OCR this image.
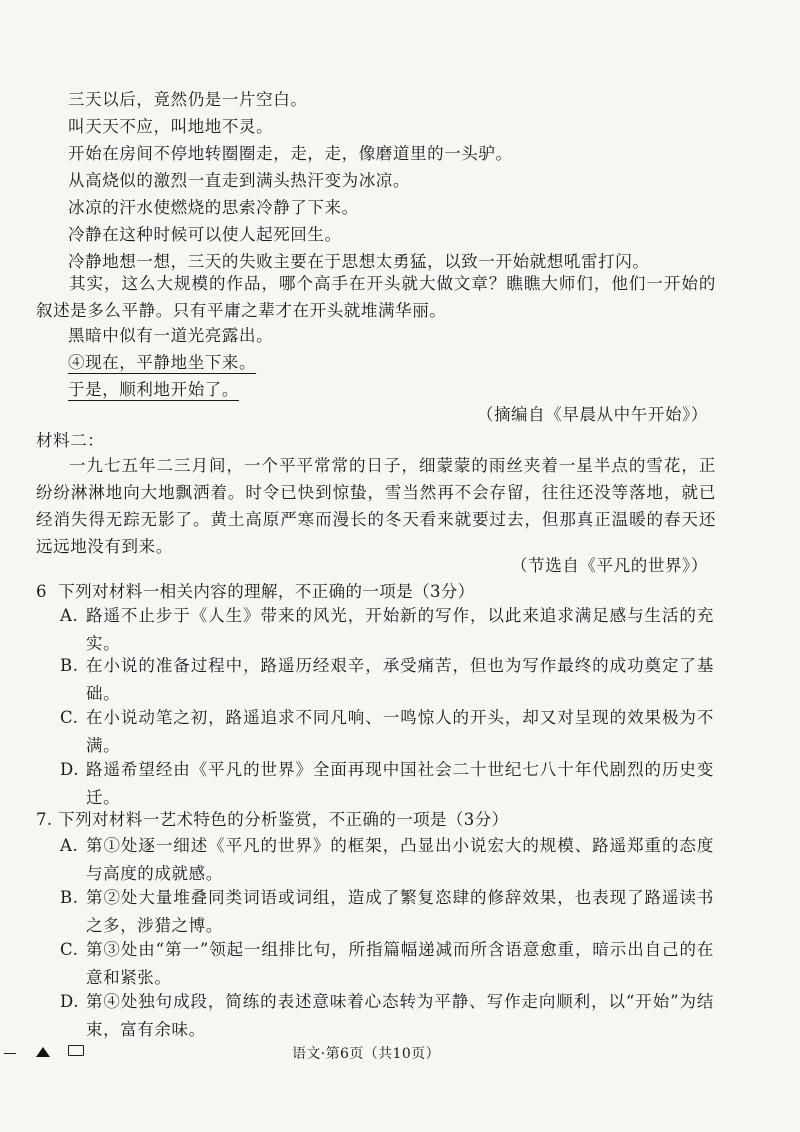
三天以后，竟然仍是一片空白。
叫天天不应，叫地地不灵。
开始在房间不停地转圈圈走，走，走，像磨道里的一头驴。
从高烧似的激烈一直走到满头热汗变为冰凉。
冰凉的汗水使燃烧的思索冷静了下来。
冷静在这种时候可以使人起死回生。
冷静地想一想，三天的失败主要在于思想太勇猛，以致一开始就想吼雷打闪。
其实，这么大规模的作品，哪个高手在开头就大做文章？瞧瞧大师们，他们一开始的叙述是多么平静。只有平庸之辈才在开头就堆满华丽。
黑暗中似有一道光亮露出。
④现在，平静地坐下来。
于是，顺利地开始了。
（摘编自《早晨从中午开始》）
材料二：
一九七五年二三月间，一个平平常常的日子，细蒙蒙的雨丝夹着一星半点的雪花，正纷纷淋淋地向大地飘洒着。时令已快到惊蛰，雪当然再不会存留，往往还没等落地，就已经消失得无踪无影了。黄土高原严寒而漫长的冬天看来就要过去，但那真正温暖的春天还远远地没有到来。
（节选自《平凡的世界》）
6 下列对材料一相关内容的理解，不正确的一项是（3分）
A. 路遥不止步于《人生》带来的风光，开始新的写作，以此来追求满足感与生活的充实。
B. 在小说的准备过程中，路遥历经艰辛，承受痛苦，但也为写作最终的成功奠定了基础。
C. 在小说动笔之初，路遥追求不同凡响、一鸣惊人的开头，却又对呈现的效果极为不满。
D. 路遥希望经由《平凡的世界》全面再现中国社会二十世纪七八十年代剧烈的历史变迁。
7. 下列对材料一艺术特色的分析鉴赏，不正确的一项是（3分）
A. 第①处逐一细述《平凡的世界》的框架，凸显出小说宏大的规模、路遥郑重的态度与高度的成就感。
B. 第②处大量堆叠同类词语或词组，造成了繁复恣肆的修辞效果，也表现了路遥读书之多，涉猎之博。
C. 第③处由“第一”领起一组排比句，所指篇幅递减而所含语意愈重，暗示出自己的在意和紧张。
D. 第④处独句成段，简练的表述意味着心态转为平静、写作走向顺利，以“开始”为结束，富有余味。
语文·第6页（共10页）
